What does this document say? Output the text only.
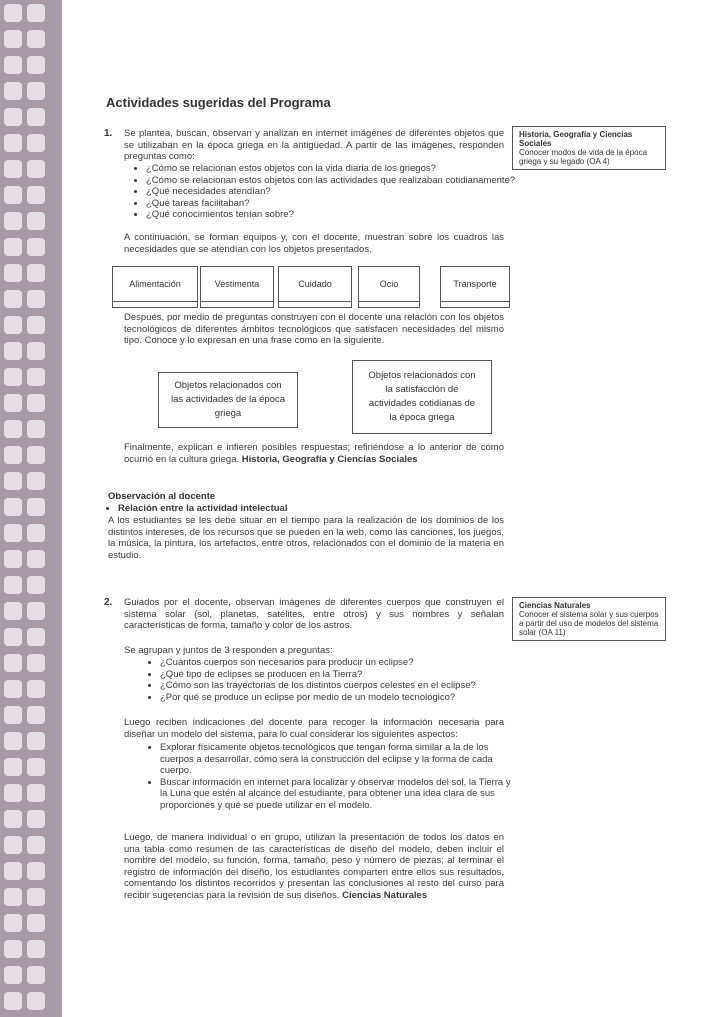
Actividades sugeridas del Programa
1. Se plantea, buscan, observan y analizan en internet imágenes de diferentes objetos que se utilizaban en la época griega en la antigüedad. A partir de las imágenes, responden preguntas como:

Historia, Geografía y Ciencias Sociales
Conocer modos de vida de la época griega y su legado (OA 4)
• ¿Cómo se relacionan estos objetos con la vida diaria de los griegos?
• ¿Cómo se relacionan estos objetos con las actividades que realizaban cotidianamente?
• ¿Qué necesidades atendían?
• ¿Qué tareas facilitaban?
• ¿Qué conocimientos tenían sobre?

A continuación, se forman equipos y, con el docente, muestran sobre los cuadros las necesidades que se atendían con los objetos presentados.

Alimentación	Vestimenta	Cuidado	Ocio	Transporte

Después, por medio de preguntas construyen con el docente una relación con los objetos tecnológicos de diferentes ámbitos tecnológicos que satisfacen necesidades del mismo tipo. Conoce y lo expresan en una frase como en la siguiente.

Objetos relacionados con
las actividades de la época
griega
Objetos relacionados con
la satisfacción de
actividades cotidianas de
la época griega

Finalmente, explican e infieren posibles respuestas; refiriéndose a lo anterior de cómo ocurrió en la cultura griega. Historia, Geografía y Ciencias Sociales

Observación al docente

• Relación entre la actividad intelectual

A los estudiantes se les debe situar en el tiempo para la realización de los dominios de los distintos intereses, de los recursos que se pueden en la web, como las canciones, los juegos, la música, la pintura, los artefactos, entre otros, relacionados con el dominio de la materia en estudio.

2. Guiados por el docente, observan imágenes de diferentes cuerpos que construyen el sistema solar (sol, planetas, satélites, entre otros) y sus nombres y señalan características de forma, tamaño y color de los astros.

Ciencias Naturales
Conocer el sistema solar y sus cuerpos a partir del uso de modelos del sistema solar (OA 11)

Se agrupan y juntos de 3 responden a preguntas:

• ¿Cuántos cuerpos son necesarios para producir un eclipse?
• ¿Qué tipo de eclipses se producen en la Tierra?
• ¿Cómo son las trayectorias de los distintos cuerpos celestes en el eclipse?
• ¿Por qué se produce un eclipse por medio de un modelo tecnológico?

Luego reciben indicaciones del docente para recoger la información necesaria para diseñar un modelo del sistema, para lo cual considerar los siguientes aspectos:

• Explorar físicamente objetos tecnológicos que tengan forma similar a la de los cuerpos a desarrollar, cómo será la construcción del eclipse y la forma de cada cuerpo.
• Buscar información en internet para localizar y observar modelos del sol, la Tierra y la Luna que estén al alcance del estudiante, para obtener una idea clara de sus proporciones y qué se puede utilizar en el modelo.

Luego, de manera individual o en grupo, utilizan la presentación de todos los datos en una tabla como resumen de las características de diseño del modelo, deben incluir el nombre del modelo, su función, forma, tamaño, peso y número de piezas; al terminar el registro de información del diseño, los estudiantes comparten entre ellos sus resultados, comentando los distintos recorridos y presentan las conclusiones al resto del curso para recibir sugerencias para la revisión de sus diseños. Ciencias Naturales
